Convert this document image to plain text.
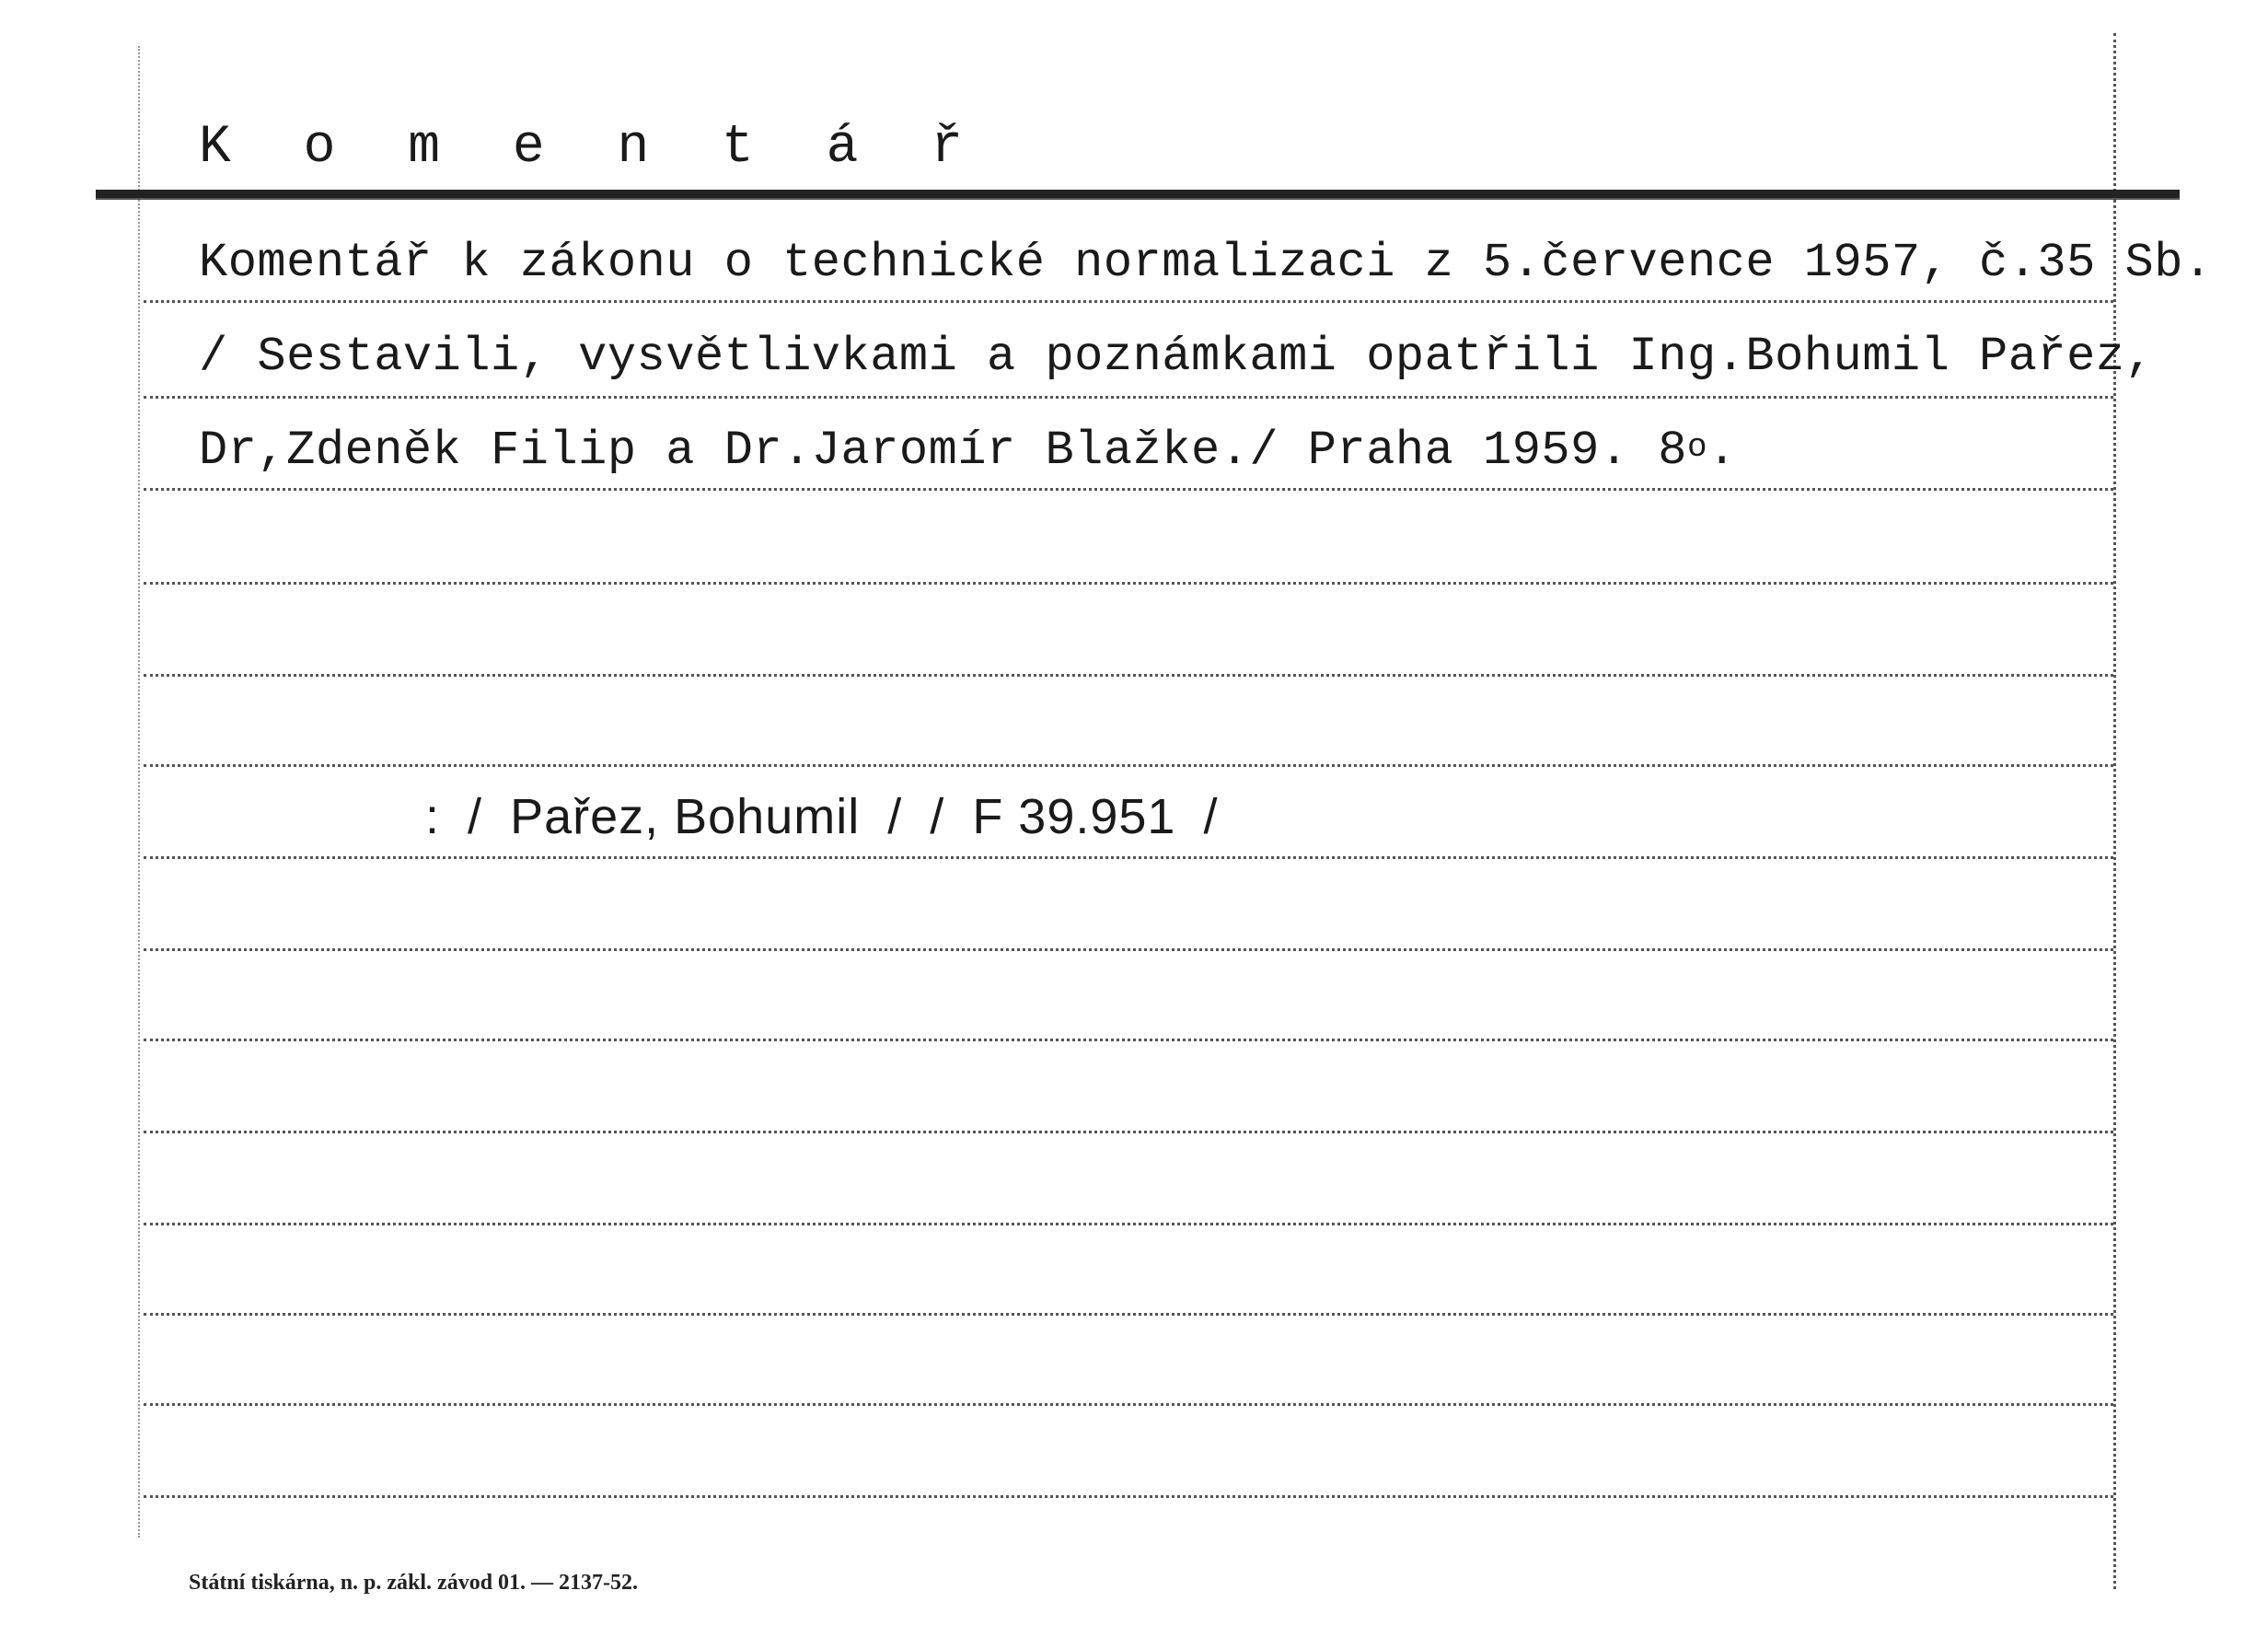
K o m e n t á ř
Komentář k zákonu o technické normalizaci z 5.července 1957, č.35 Sb.
/ Sestavili, vysvětlivkami a poznámkami opatřili Ing.Bohumil Pařez,
Dr,Zdeněk Filip a Dr.Jaromír Blažke./ Praha 1959. 8$^o$.
: / Pařez, Bohumil / / F 39.951 /
Státní tiskárna, n. p. zákl. závod 01. — 2137-52.
